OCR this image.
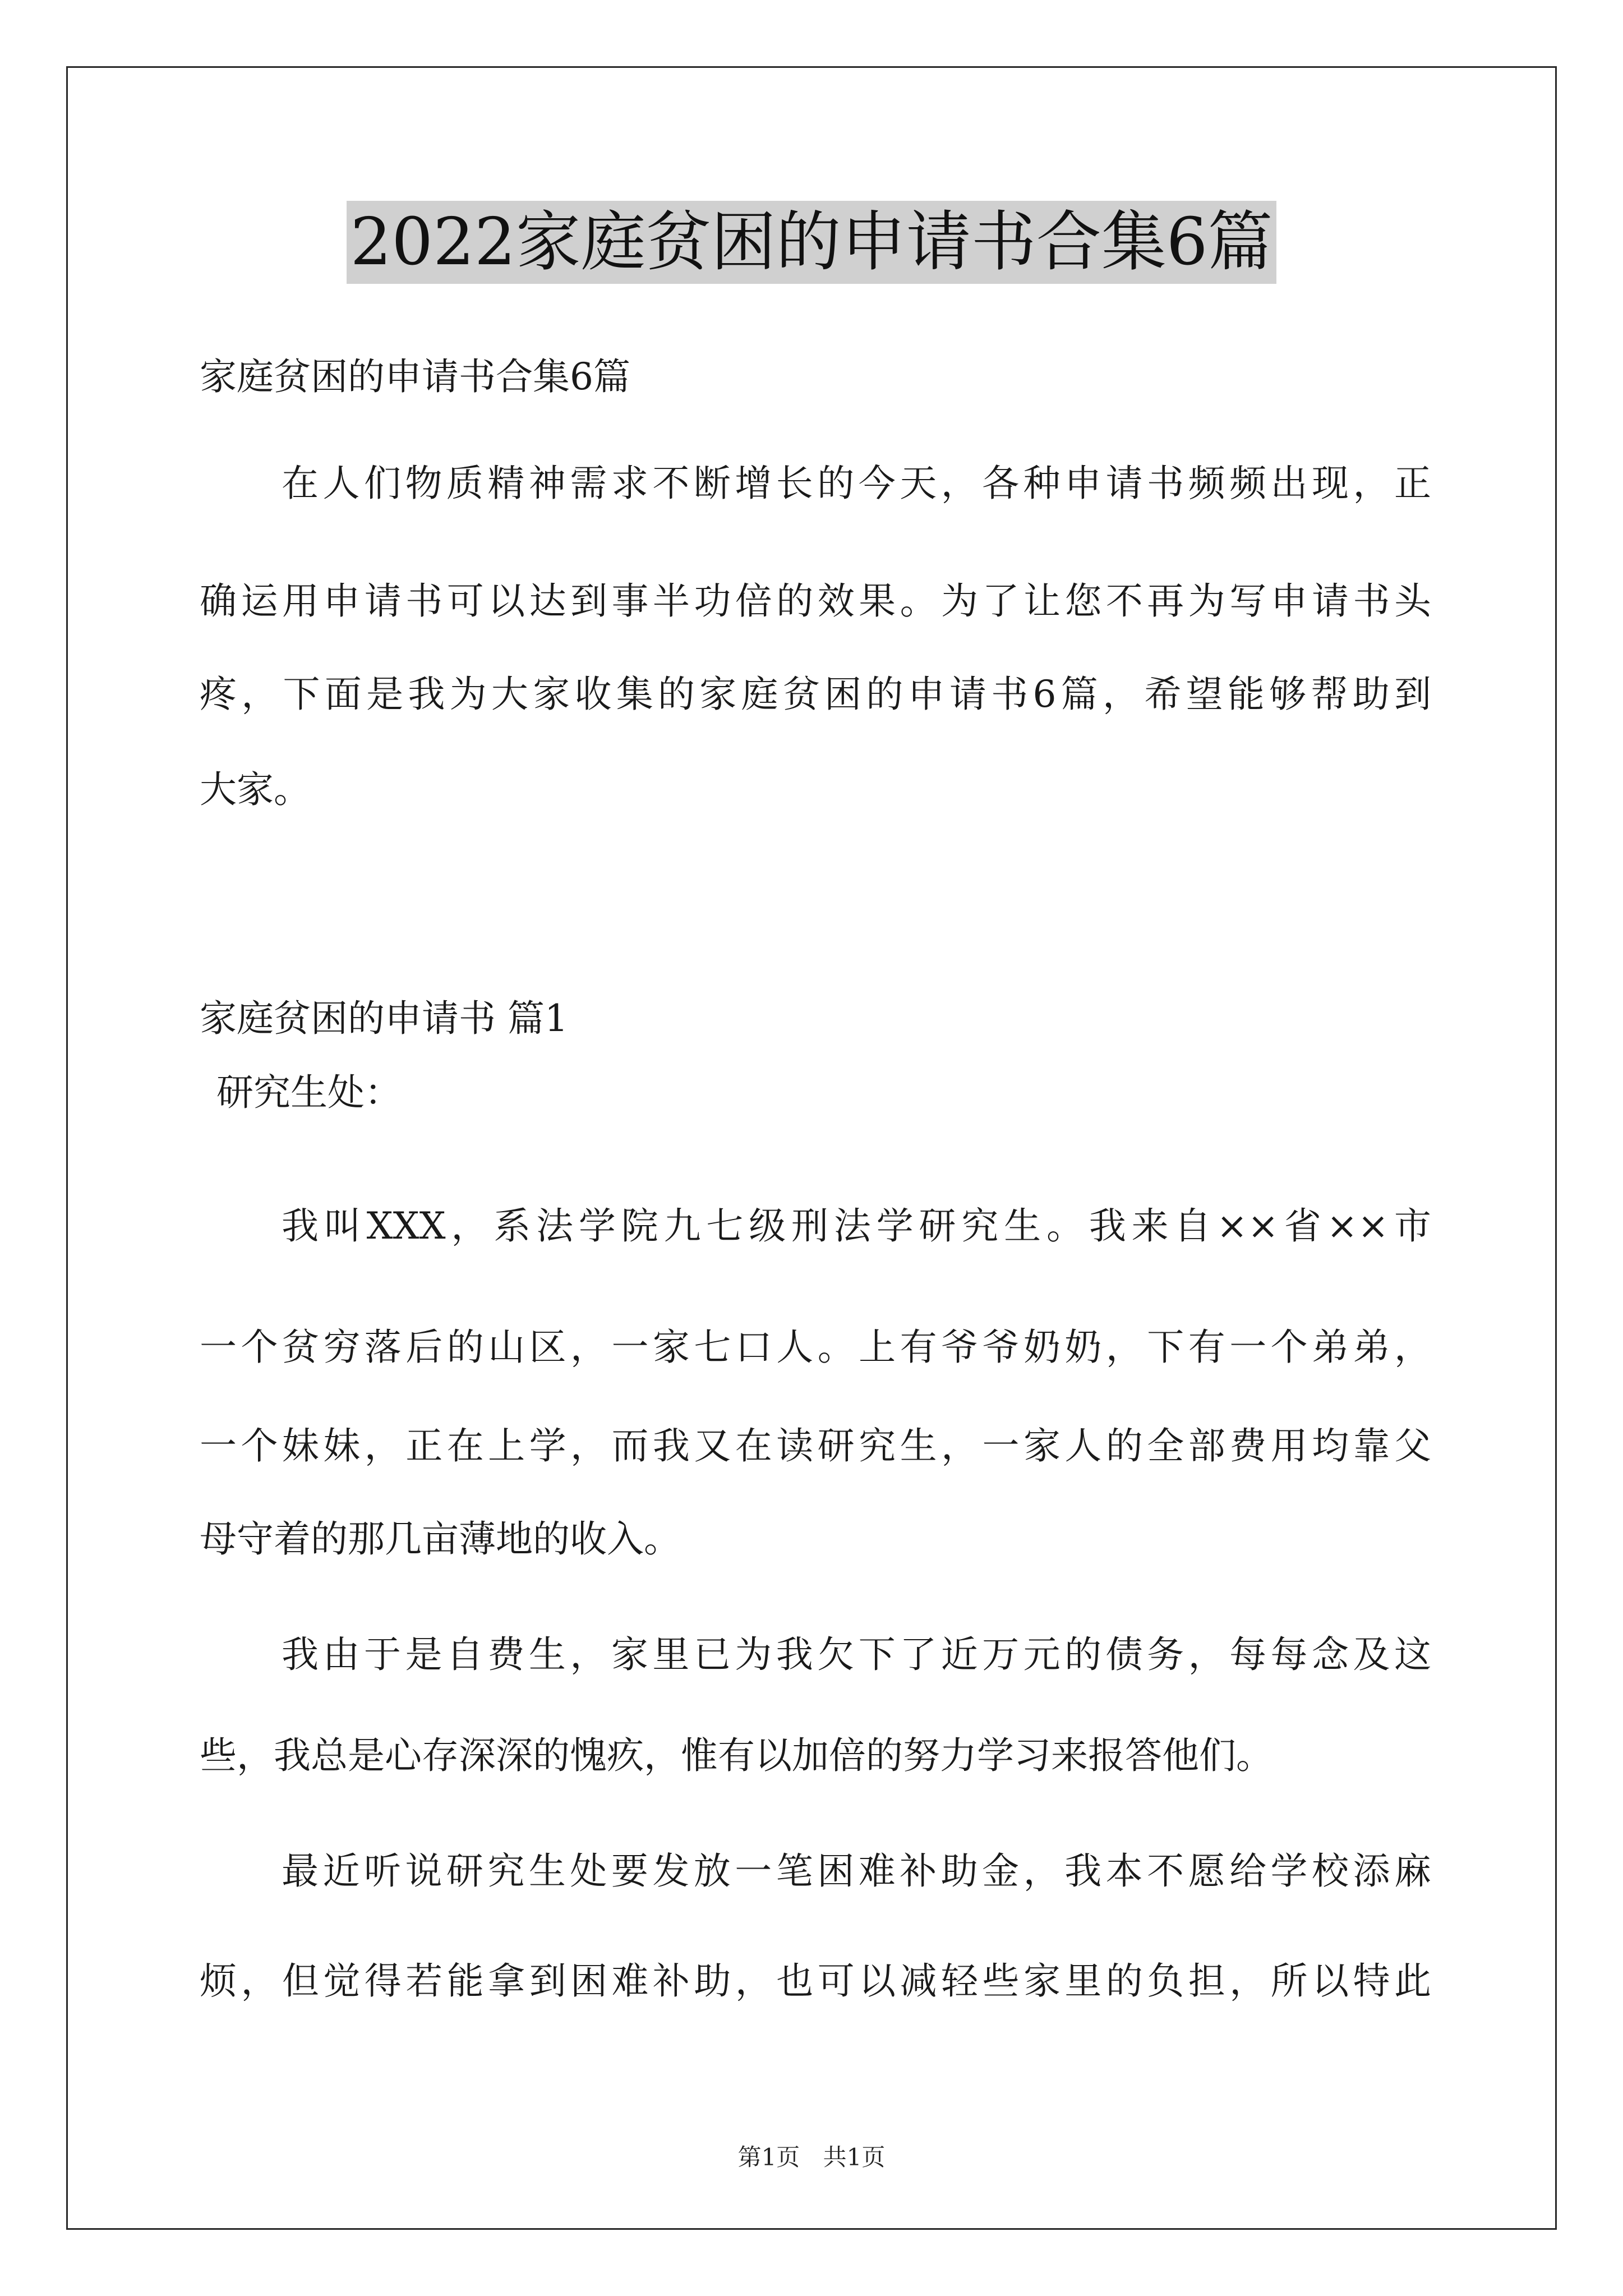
2022家庭贫困的申请书合集6篇
家庭贫困的申请书合集6篇
在人们物质精神需求不断增长的今天，各种申请书频频出现，正
确运用申请书可以达到事半功倍的效果。为了让您不再为写申请书头
疼，下面是我为大家收集的家庭贫困的申请书6篇，希望能够帮助到
大家。
家庭贫困的申请书 篇1
研究生处：
我叫XXX，系法学院九七级刑法学研究生。我来自××省××市
一个贫穷落后的山区，一家七口人。上有爷爷奶奶，下有一个弟弟，
一个妹妹，正在上学，而我又在读研究生，一家人的全部费用均靠父
母守着的那几亩薄地的收入。
我由于是自费生，家里已为我欠下了近万元的债务，每每念及这
些，我总是心存深深的愧疚，惟有以加倍的努力学习来报答他们。
最近听说研究生处要发放一笔困难补助金，我本不愿给学校添麻
烦，但觉得若能拿到困难补助，也可以减轻些家里的负担，所以特此
第1页 共1页
